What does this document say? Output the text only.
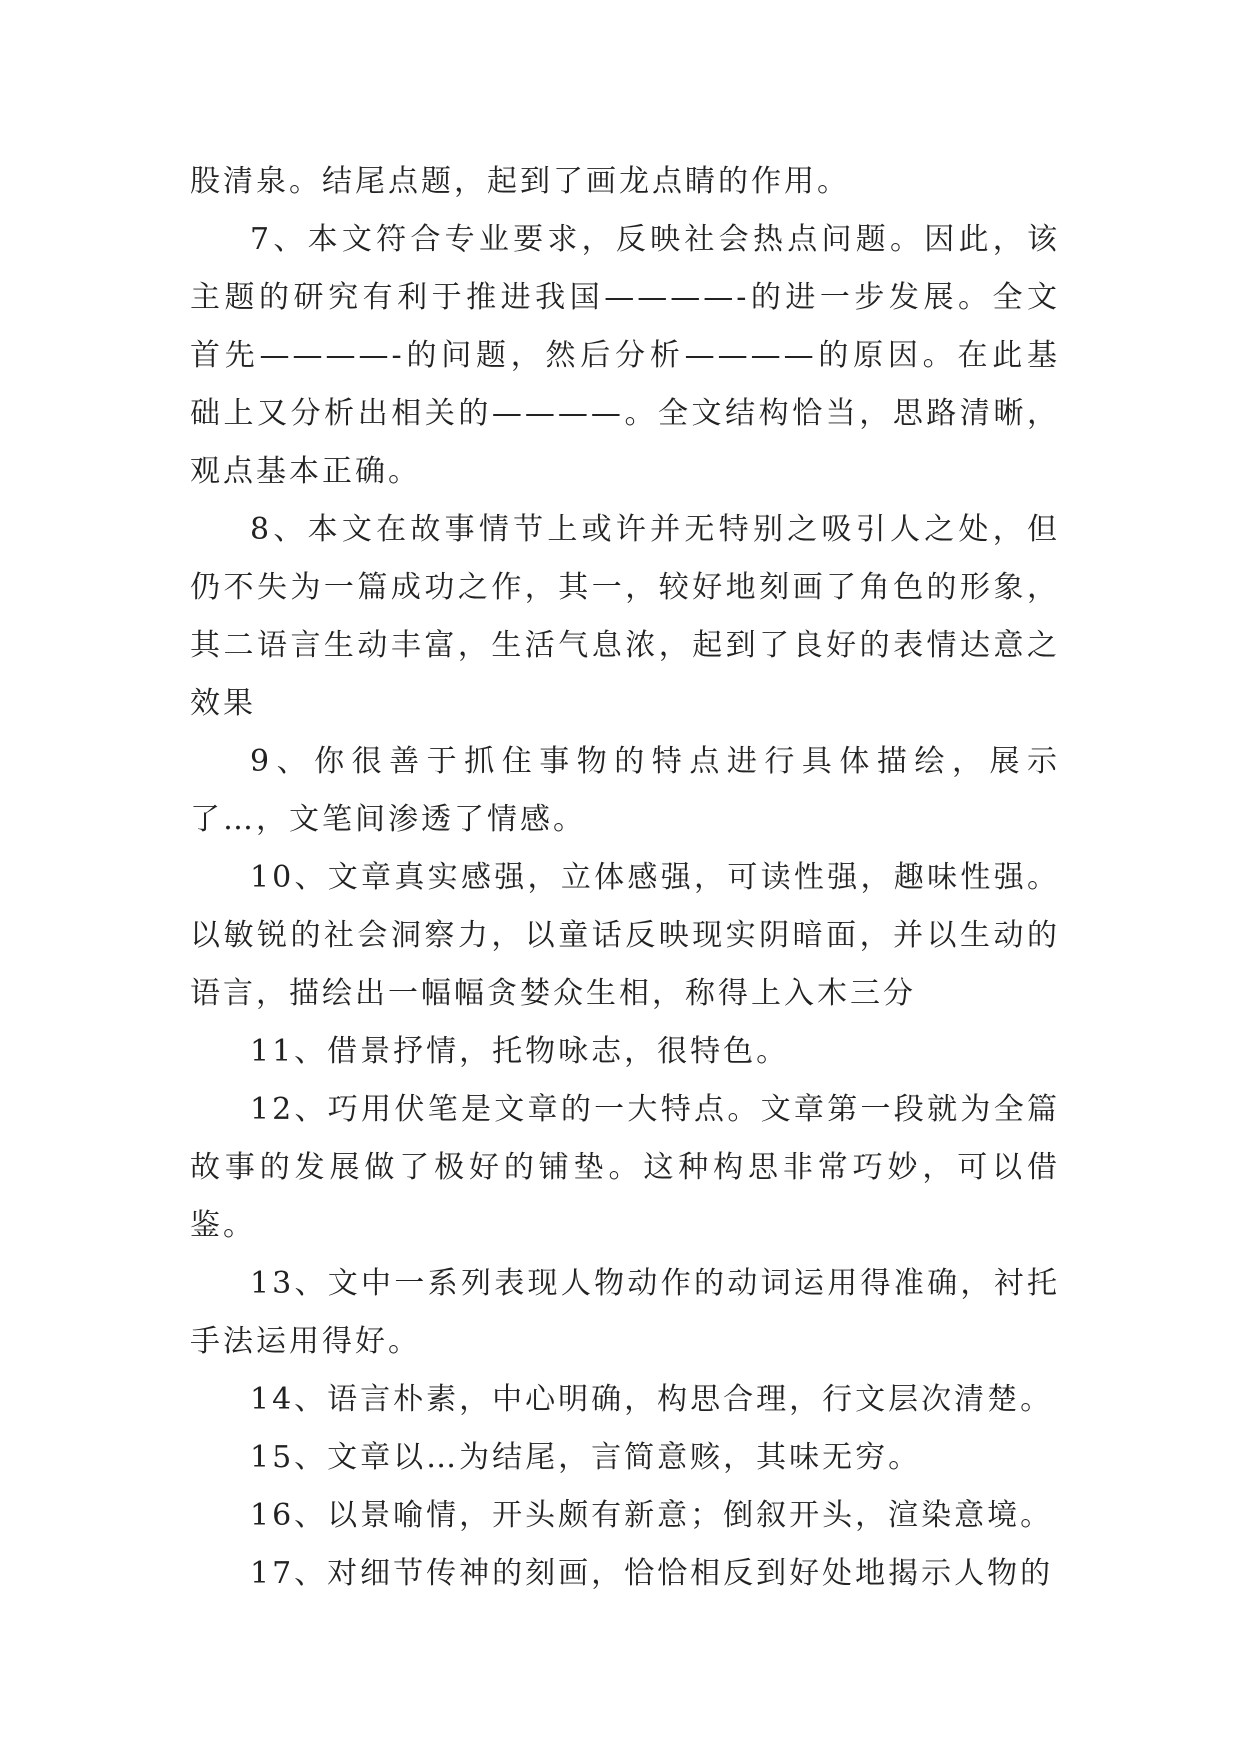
股清泉。结尾点题，起到了画龙点睛的作用。

7、本文符合专业要求，反映社会热点问题。因此，该主题的研究有利于推进我国————-的进一步发展。全文首先————-的问题，然后分析————的原因。在此基础上又分析出相关的————。全文结构恰当，思路清晰，观点基本正确。

8、本文在故事情节上或许并无特别之吸引人之处，但仍不失为一篇成功之作，其一，较好地刻画了角色的形象，其二语言生动丰富，生活气息浓，起到了良好的表情达意之效果

9、你很善于抓住事物的特点进行具体描绘，展示了…，文笔间渗透了情感。

10、文章真实感强，立体感强，可读性强，趣味性强。以敏锐的社会洞察力，以童话反映现实阴暗面，并以生动的语言，描绘出一幅幅贪婪众生相，称得上入木三分

11、借景抒情，托物咏志，很特色。

12、巧用伏笔是文章的一大特点。文章第一段就为全篇故事的发展做了极好的铺垫。这种构思非常巧妙，可以借鉴。

13、文中一系列表现人物动作的动词运用得准确，衬托手法运用得好。

14、语言朴素，中心明确，构思合理，行文层次清楚。

15、文章以…为结尾，言简意赅，其味无穷。

16、以景喻情，开头颇有新意；倒叙开头，渲染意境。

17、对细节传神的刻画，恰恰相反到好处地揭示人物的
